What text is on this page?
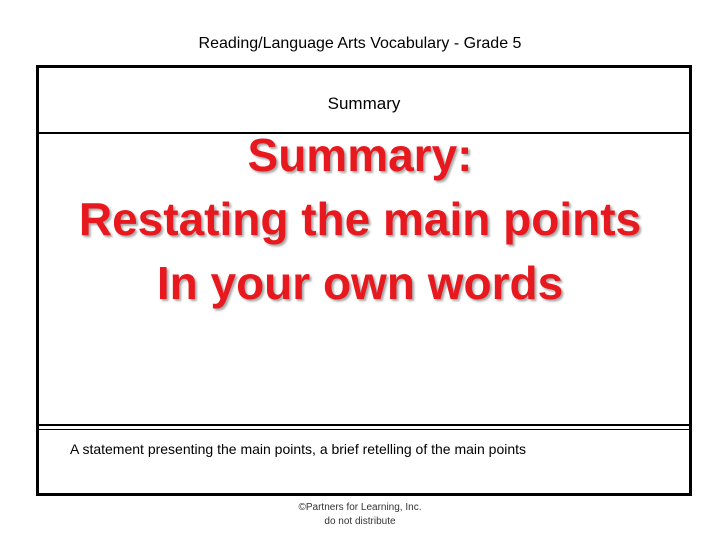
Reading/Language Arts Vocabulary - Grade 5
Summary
A statement presenting the main points, a brief retelling of the main points
Summary:
Restating the main points
In your own words
©Partners for Learning, Inc.
do not distribute
